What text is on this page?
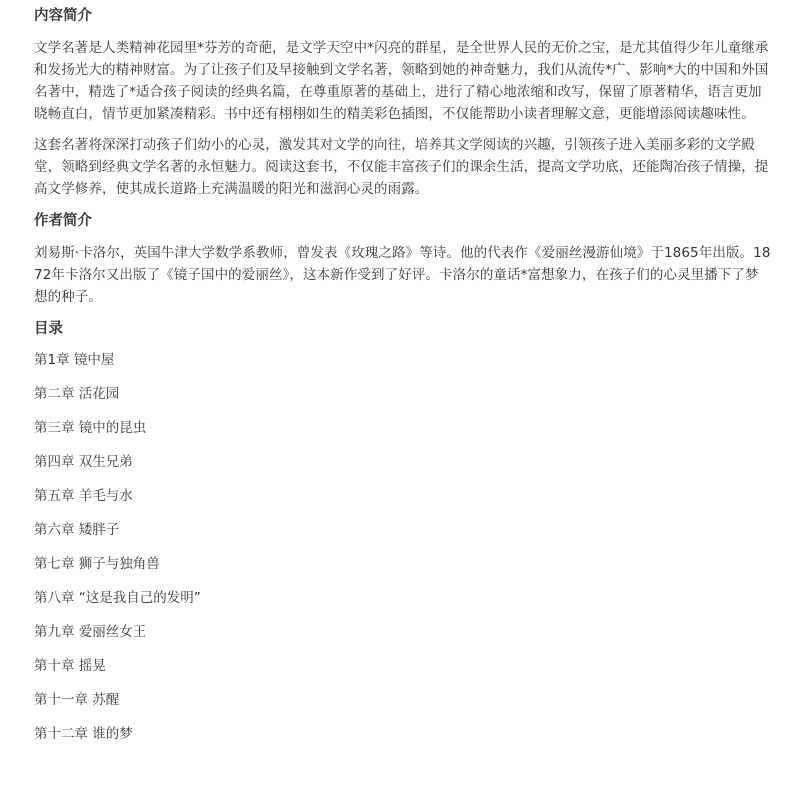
内容简介

文学名著是人类精神花园里*芬芳的奇葩，是文学天空中*闪亮的群星，是全世界人民的无价之宝，是尤其值得少年儿童继承和发扬光大的精神财富。为了让孩子们及早接触到文学名著，领略到她的神奇魅力，我们从流传*广、影响*大的中国和外国名著中，精选了*适合孩子阅读的经典名篇，在尊重原著的基础上，进行了精心地浓缩和改写，保留了原著精华，语言更加晓畅直白，情节更加紧凑精彩。书中还有栩栩如生的精美彩色插图，不仅能帮助小读者理解文意，更能增添阅读趣味性。

这套名著将深深打动孩子们幼小的心灵，激发其对文学的向往，培养其文学阅读的兴趣，引领孩子进入美丽多彩的文学殿堂，领略到经典文学名著的永恒魅力。阅读这套书，不仅能丰富孩子们的课余生活，提高文学功底，还能陶冶孩子情操，提高文学修养，使其成长道路上充满温暖的阳光和滋润心灵的雨露。

作者简介

刘易斯·卡洛尔，英国牛津大学数学系教师，曾发表《玫瑰之路》等诗。他的代表作《爱丽丝漫游仙境》于1865年出版。1872年卡洛尔又出版了《镜子国中的爱丽丝》，这本新作受到了好评。卡洛尔的童话*富想象力，在孩子们的心灵里播下了梦想的种子。

目录
第1章 镜中屋
第二章 活花园
第三章 镜中的昆虫
第四章 双生兄弟
第五章 羊毛与水
第六章 矮胖子
第七章 狮子与独角兽
第八章 “这是我自己的发明”
第九章 爱丽丝女王
第十章 摇晃
第十一章 苏醒
第十二章 谁的梦
